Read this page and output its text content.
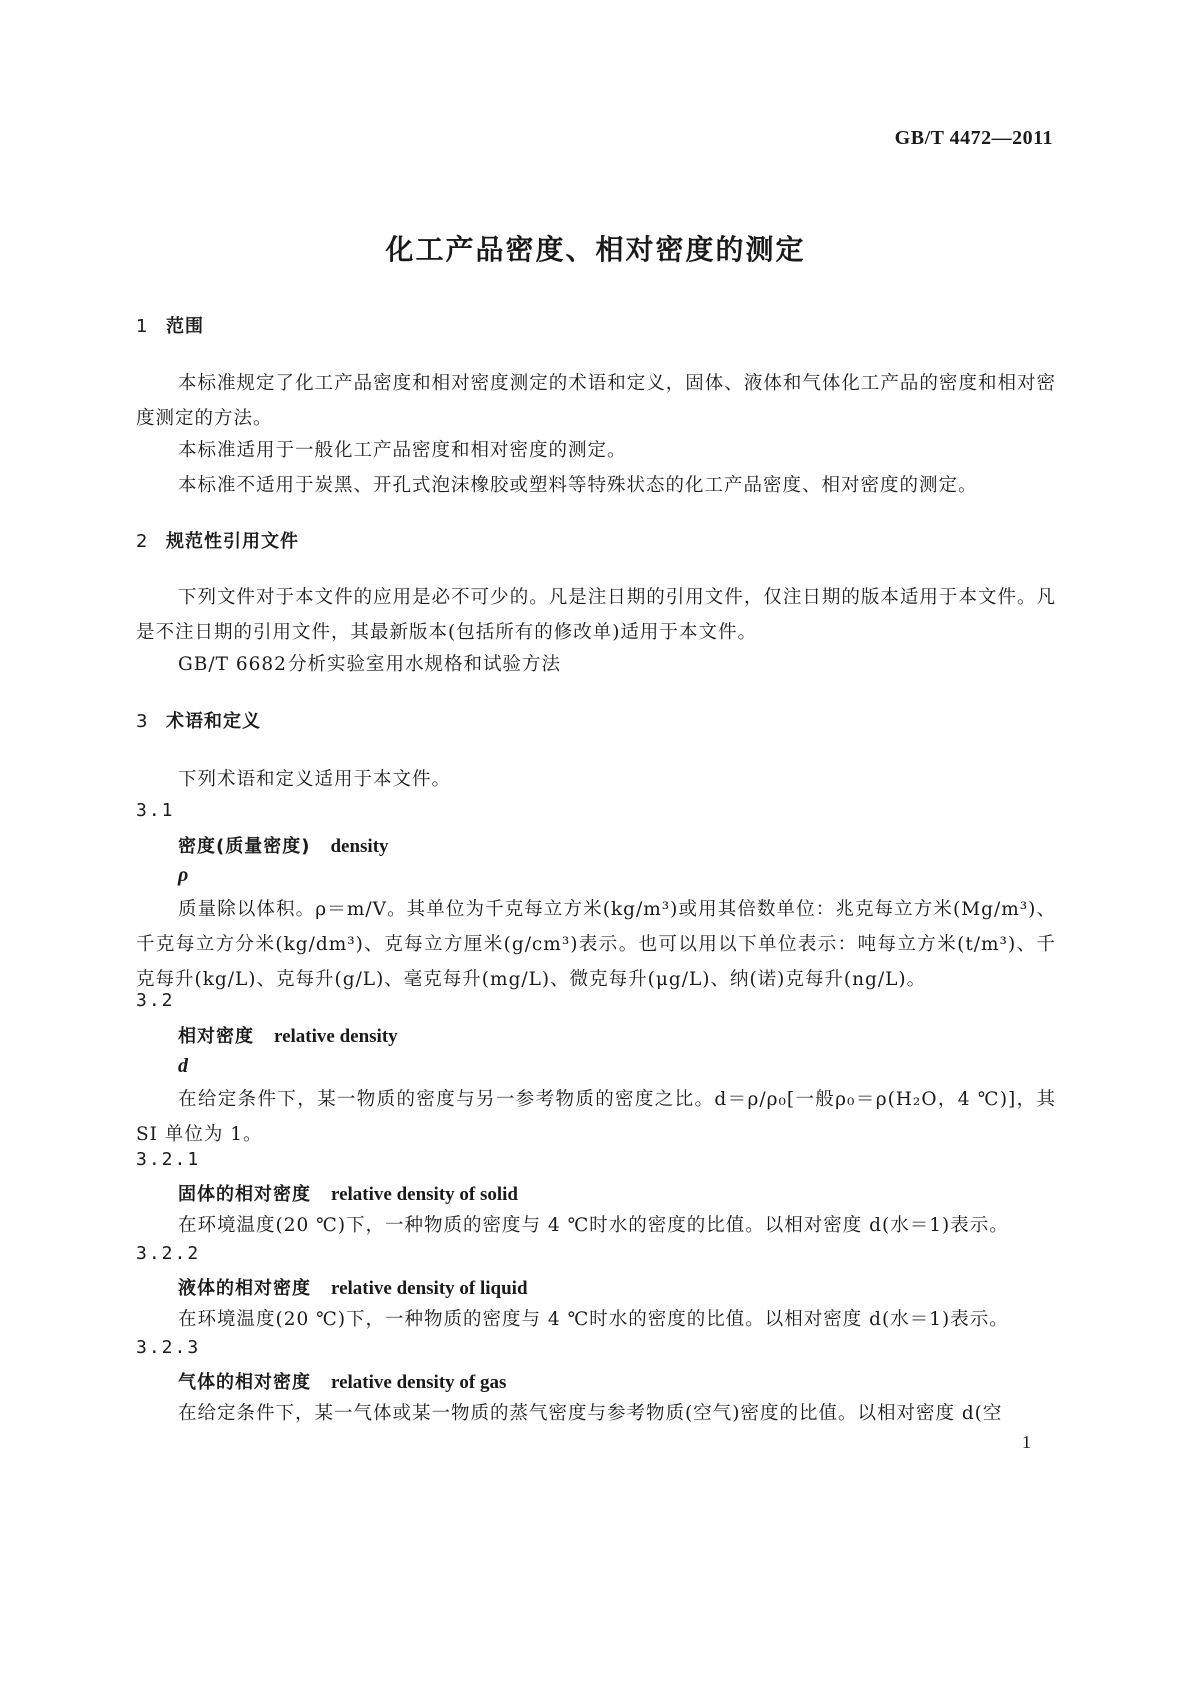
GB/T 4472—2011
化工产品密度、相对密度的测定
1 范围
本标准规定了化工产品密度和相对密度测定的术语和定义，固体、液体和气体化工产品的密度和相对密度测定的方法。
本标准适用于一般化工产品密度和相对密度的测定。
本标准不适用于炭黑、开孔式泡沫橡胶或塑料等特殊状态的化工产品密度、相对密度的测定。
2 规范性引用文件
下列文件对于本文件的应用是必不可少的。凡是注日期的引用文件，仅注日期的版本适用于本文件。凡是不注日期的引用文件，其最新版本(包括所有的修改单)适用于本文件。
GB/T 6682分析实验室用水规格和试验方法
3 术语和定义
下列术语和定义适用于本文件。
3.1
密度(质量密度) density
ρ
质量除以体积。ρ＝m/V。其单位为千克每立方米(kg/m³)或用其倍数单位：兆克每立方米(Mg/m³)、千克每立方分米(kg/dm³)、克每立方厘米(g/cm³)表示。也可以用以下单位表示：吨每立方米(t/m³)、千克每升(kg/L)、克每升(g/L)、毫克每升(mg/L)、微克每升(μg/L)、纳(诺)克每升(ng/L)。
3.2
相对密度 relative density
d
在给定条件下，某一物质的密度与另一参考物质的密度之比。d＝ρ/ρ₀[一般ρ₀＝ρ(H₂O，4 ℃)]，其 SI 单位为 1。
3.2.1
固体的相对密度 relative density of solid
在环境温度(20 ℃)下，一种物质的密度与 4 ℃时水的密度的比值。以相对密度 d(水＝1)表示。
3.2.2
液体的相对密度 relative density of liquid
在环境温度(20 ℃)下，一种物质的密度与 4 ℃时水的密度的比值。以相对密度 d(水＝1)表示。
3.2.3
气体的相对密度 relative density of gas
在给定条件下，某一气体或某一物质的蒸气密度与参考物质(空气)密度的比值。以相对密度 d(空
1
